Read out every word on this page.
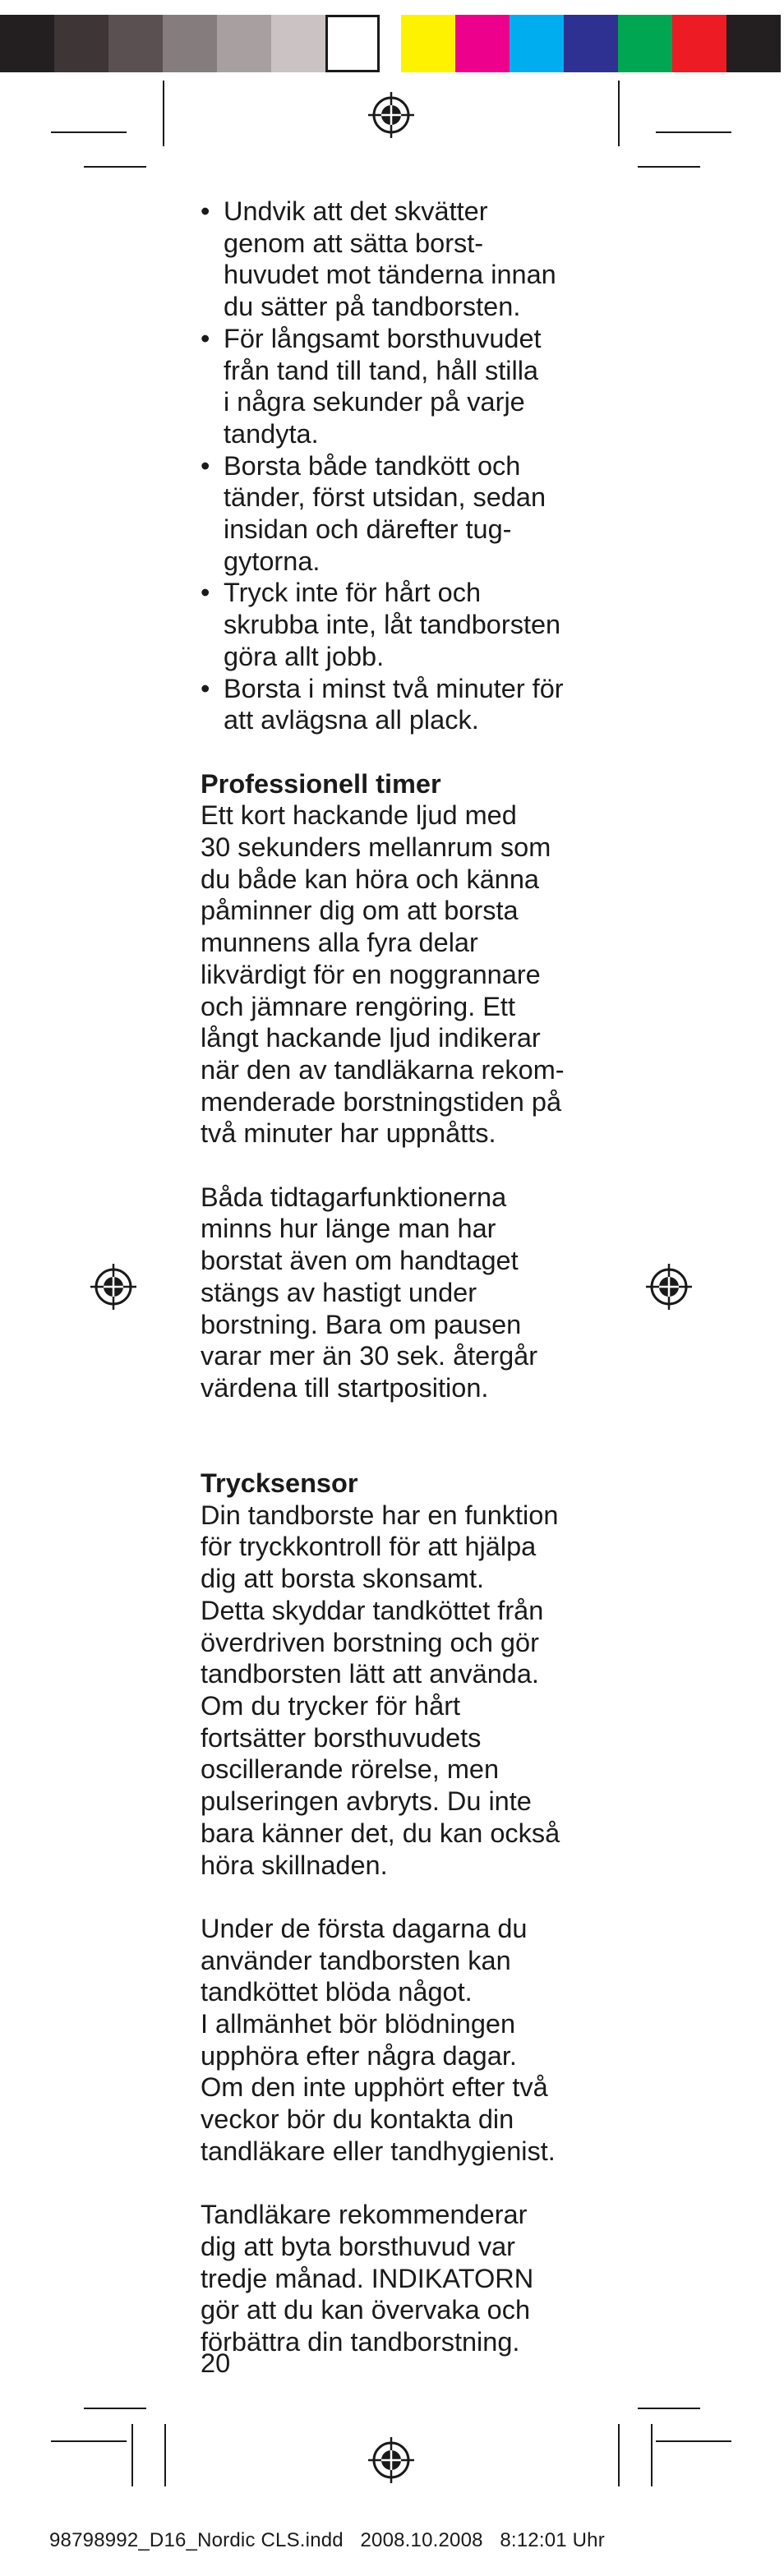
• Undvik att det skvätter
genom att sätta borst-
huvudet mot tänderna innan
du sätter på tandborsten.
• För långsamt borsthuvudet
från tand till tand, håll stilla
i några sekunder på varje
tandyta.
• Borsta både tandkött och
tänder, först utsidan, sedan
insidan och därefter tug-
gytorna.
• Tryck inte för hårt och
skrubba inte, låt tandborsten
göra allt jobb.
• Borsta i minst två minuter för
att avlägsna all plack.

Professionell timer

Ett kort hackande ljud med
30 sekunders mellanrum som
du både kan höra och känna
påminner dig om att borsta
munnens alla fyra delar
likvärdigt för en noggrannare
och jämnare rengöring. Ett
långt hackande ljud indikerar
när den av tandläkarna rekom-
menderade borstningstiden på
två minuter har uppnåtts.
Båda tidtagarfunktionerna
minns hur länge man har
borstat även om handtaget
stängs av hastigt under
borstning. Bara om pausen
varar mer än 30 sek. återgår
värdena till startposition.

Trycksensor

Din tandborste har en funktion
för tryckkontroll för att hjälpa
dig att borsta skonsamt.
Detta skyddar tandköttet från
överdriven borstning och gör
tandborsten lätt att använda.
Om du trycker för hårt
fortsätter borsthuvudets
oscillerande rörelse, men
pulseringen avbryts. Du inte
bara känner det, du kan också
höra skillnaden.
Under de första dagarna du
använder tandborsten kan
tandköttet blöda något.
I allmänhet bör blödningen
upphöra efter några dagar.
Om den inte upphört efter två
veckor bör du kontakta din
tandläkare eller tandhygienist.
Tandläkare rekommenderar
dig att byta borsthuvud var
tredje månad. INDIKATORN
gör att du kan övervaka och
förbättra din tandborstning.
20
98798992_D16_Nordic CLS.indd 2008.10.2008 8:12:01 Uhr
